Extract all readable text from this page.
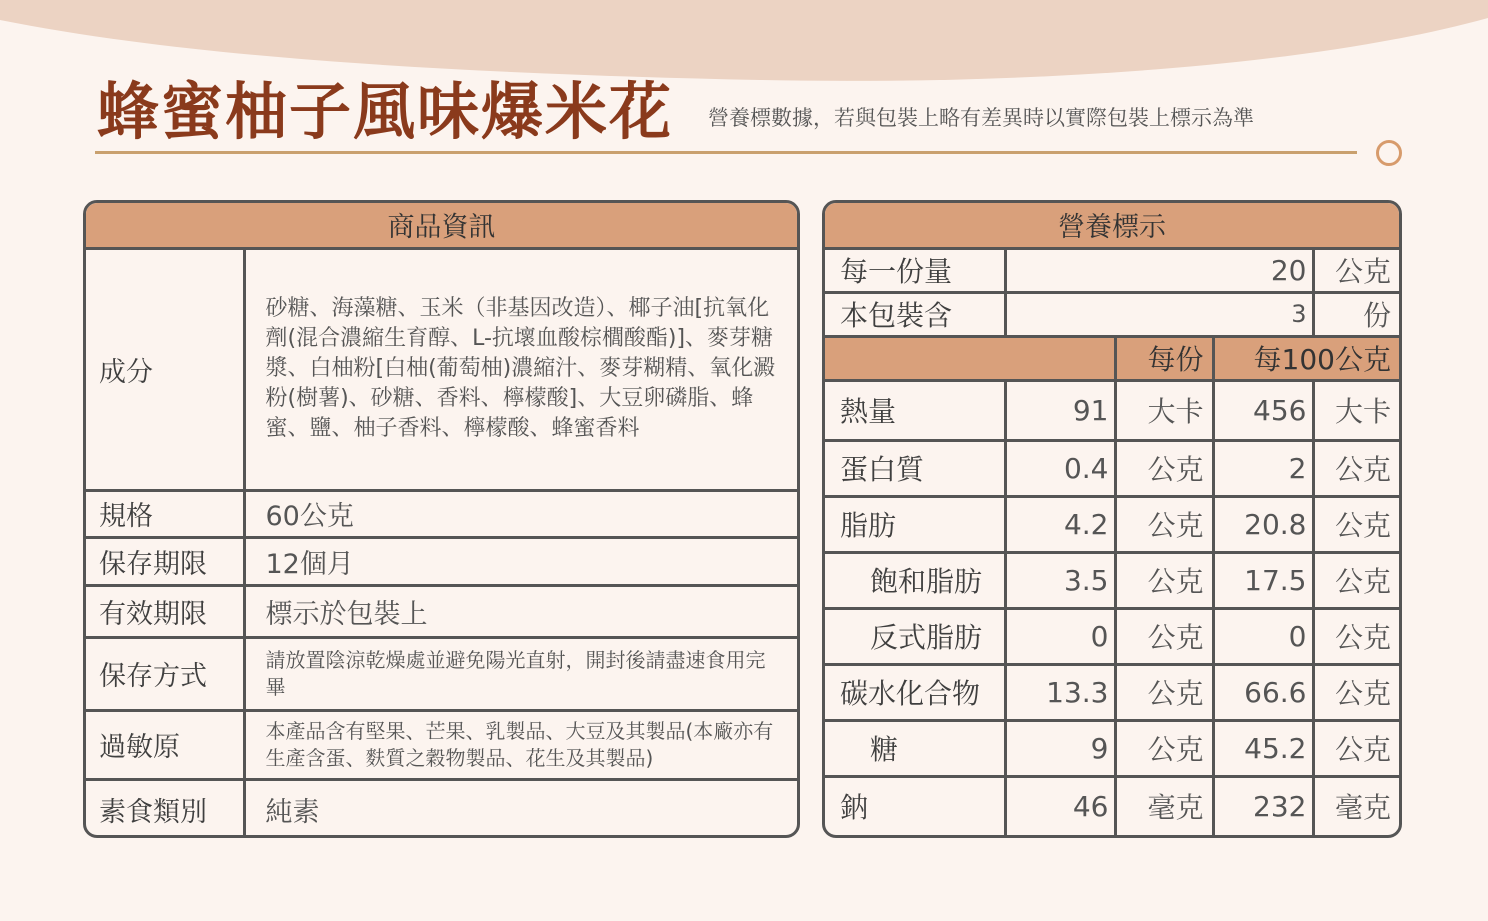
蜂蜜柚子風味爆米花 營養標數據，若與包裝上略有差異時以實際包裝上標示為準
商品資訊	
成分	砂糖、海藻糖、玉米（非基因改造）、椰子油[抗氧化劑(混合濃縮生育醇、L-抗壞血酸棕櫚酸酯)]、麥芽糖漿、白柚粉[白柚(葡萄柚)濃縮汁、麥芽糊精、氧化澱粉(樹薯)、砂糖、香料、檸檬酸]、大豆卵磷脂、蜂蜜、鹽、柚子香料、檸檬酸、蜂蜜香料
規格	60公克
保存期限	12個月
有效期限	標示於包裝上
保存方式	請放置陰涼乾燥處並避免陽光直射，開封後請盡速食用完畢
過敏原	本產品含有堅果、芒果、乳製品、大豆及其製品(本廠亦有生產含蛋、麩質之穀物製品、花生及其製品)
素食類別	純素
營養標示				
每一份量	20			公克
本包裝含	3			份
		每份	每100公克	
熱量	91	大卡	456	大卡
蛋白質	0.4	公克	2	公克
脂肪	4.2	公克	20.8	公克
飽和脂肪	3.5	公克	17.5	公克
反式脂肪	0	公克	0	公克
碳水化合物	13.3	公克	66.6	公克
糖	9	公克	45.2	公克
鈉	46	毫克	232	毫克
